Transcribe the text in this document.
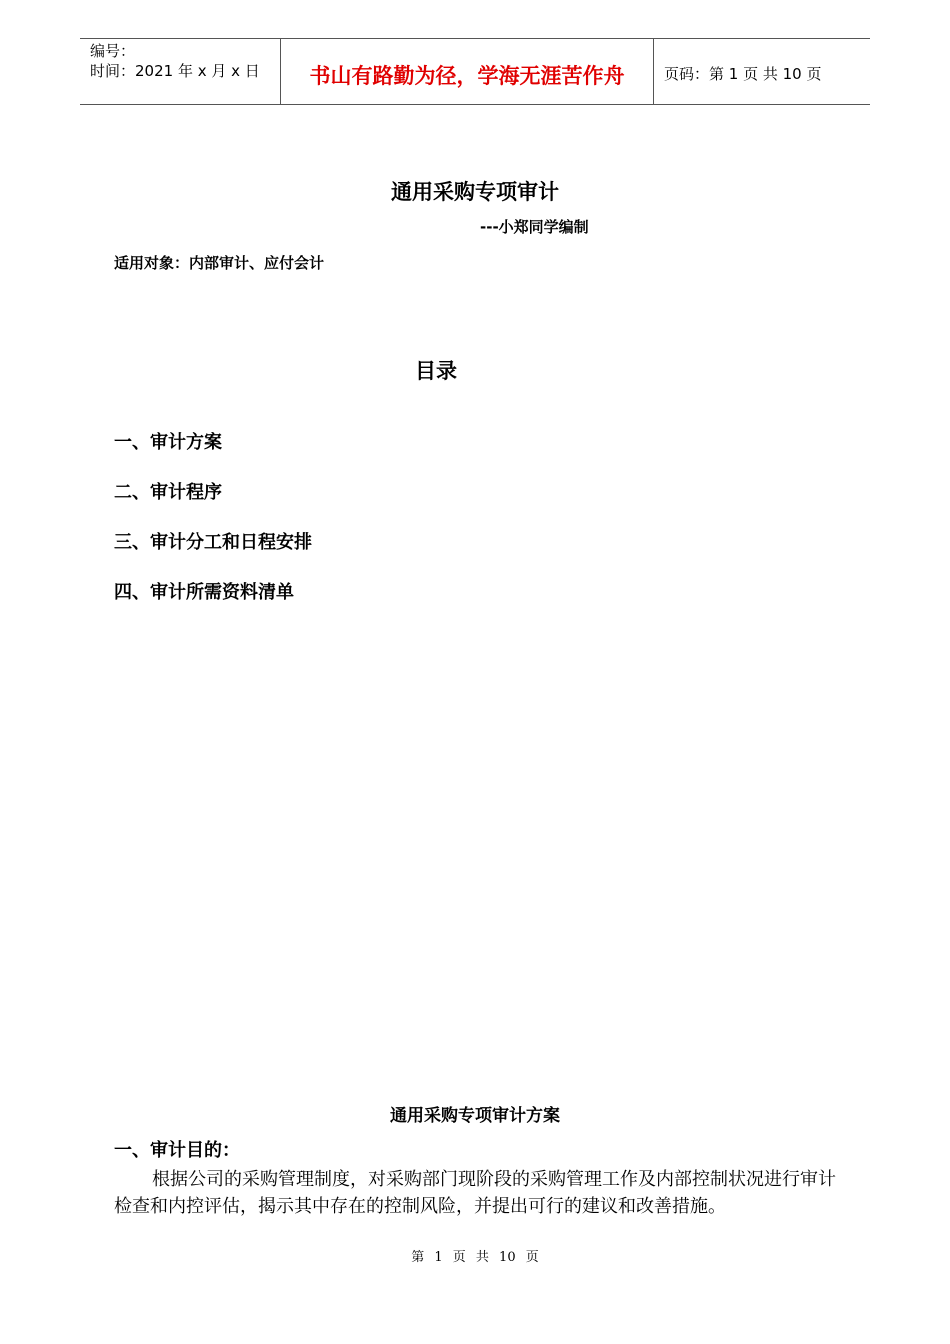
编号：
时间：2021 年 x 月 x 日	书山有路勤为径，学海无涯苦作舟	页码：第 1 页 共 10 页
通用采购专项审计
---小郑同学编制
适用对象：内部审计、应付会计
目录
一、审计方案
二、审计程序
三、审计分工和日程安排
四、审计所需资料清单
通用采购专项审计方案
一、审计目的：

根据公司的采购管理制度，对采购部门现阶段的采购管理工作及内部控制状况进行审计检查和内控评估，揭示其中存在的控制风险，并提出可行的建议和改善措施。

第 1 页 共 10 页
